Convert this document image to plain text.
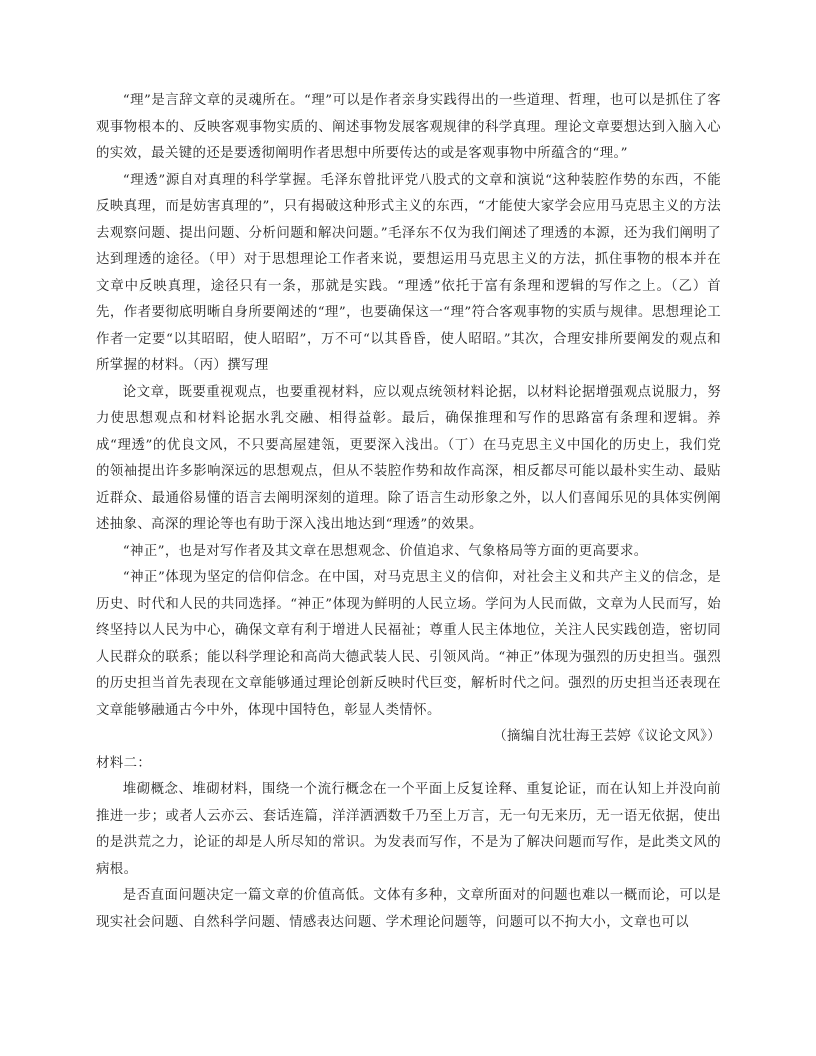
“理”是言辞文章的灵魂所在。“理”可以是作者亲身实践得出的一些道理、哲理，也可以是抓住了客观事物根本的、反映客观事物实质的、阐述事物发展客观规律的科学真理。理论文章要想达到入脑入心的实效，最关键的还是要透彻阐明作者思想中所要传达的或是客观事物中所蕴含的“理。”

“理透”源自对真理的科学掌握。毛泽东曾批评党八股式的文章和演说“这种装腔作势的东西，不能反映真理，而是妨害真理的”，只有揭破这种形式主义的东西，“才能使大家学会应用马克思主义的方法去观察问题、提出问题、分析问题和解决问题。”毛泽东不仅为我们阐述了理透的本源，还为我们阐明了达到理透的途径。（甲）对于思想理论工作者来说，要想运用马克思主义的方法，抓住事物的根本并在文章中反映真理，途径只有一条，那就是实践。“理透”依托于富有条理和逻辑的写作之上。（乙）首先，作者要彻底明晰自身所要阐述的“理”，也要确保这一“理”符合客观事物的实质与规律。思想理论工作者一定要“以其昭昭，使人昭昭”，万不可“以其昏昏，使人昭昭。”其次，合理安排所要阐发的观点和所掌握的材料。（丙）撰写理

论文章，既要重视观点，也要重视材料，应以观点统领材料论据，以材料论据增强观点说服力，努力使思想观点和材料论据水乳交融、相得益彰。最后，确保推理和写作的思路富有条理和逻辑。养成“理透”的优良文风，不只要高屋建瓴，更要深入浅出。（丁）在马克思主义中国化的历史上，我们党的领袖提出许多影响深远的思想观点，但从不装腔作势和故作高深，相反都尽可能以最朴实生动、最贴近群众、最通俗易懂的语言去阐明深刻的道理。除了语言生动形象之外，以人们喜闻乐见的具体实例阐述抽象、高深的理论等也有助于深入浅出地达到“理透”的效果。

“神正”，也是对写作者及其文章在思想观念、价值追求、气象格局等方面的更高要求。

“神正”体现为坚定的信仰信念。在中国，对马克思主义的信仰，对社会主义和共产主义的信念，是历史、时代和人民的共同选择。“神正”体现为鲜明的人民立场。学问为人民而做，文章为人民而写，始终坚持以人民为中心，确保文章有利于增进人民福祉；尊重人民主体地位，关注人民实践创造，密切同人民群众的联系；能以科学理论和高尚大德武装人民、引领风尚。“神正”体现为强烈的历史担当。强烈的历史担当首先表现在文章能够通过理论创新反映时代巨变，解析时代之问。强烈的历史担当还表现在文章能够融通古今中外，体现中国特色，彰显人类情怀。

（摘编自沈壮海王芸婷《议论文风》）

材料二：

堆砌概念、堆砌材料，围绕一个流行概念在一个平面上反复诠释、重复论证，而在认知上并没向前推进一步；或者人云亦云、套话连篇，洋洋洒洒数千乃至上万言，无一句无来历，无一语无依据，使出的是洪荒之力，论证的却是人所尽知的常识。为发表而写作，不是为了解决问题而写作，是此类文风的病根。

是否直面问题决定一篇文章的价值高低。文体有多种，文章所面对的问题也难以一概而论，可以是现实社会问题、自然科学问题、情感表达问题、学术理论问题等，问题可以不拘大小，文章也可以
